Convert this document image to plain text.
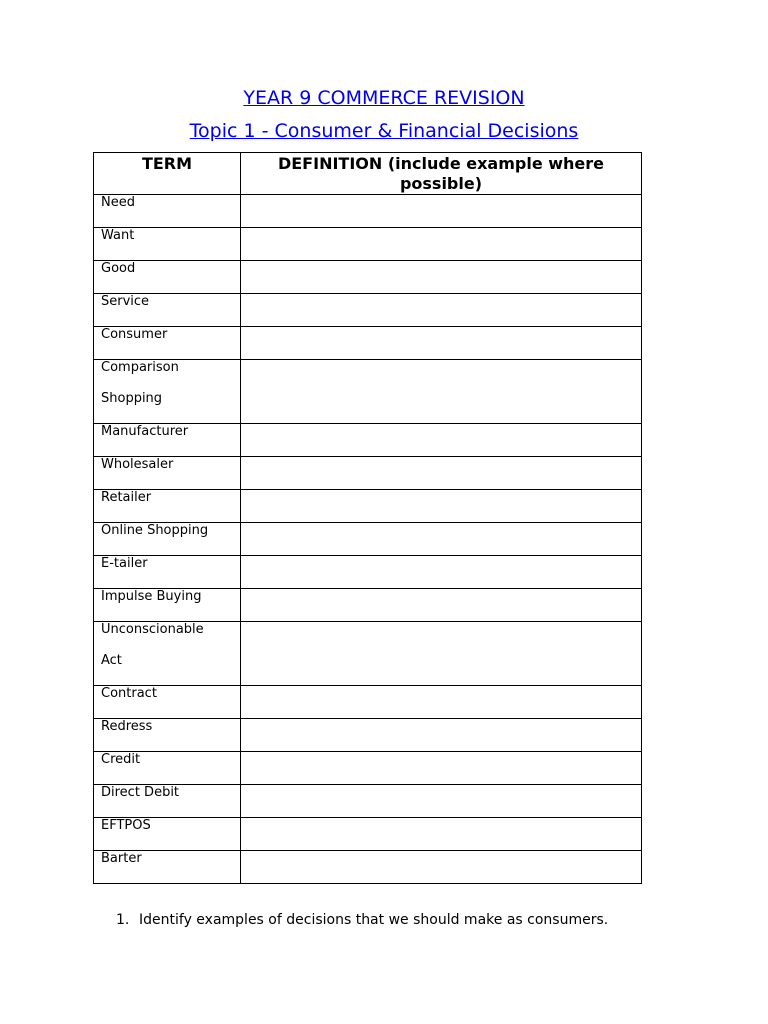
YEAR 9 COMMERCE REVISION
Topic 1 - Consumer & Financial Decisions
TERM	DEFINITION (include example where possible)

Need	

Want	

Good	

Service	

Consumer	

Comparison
Shopping	

Manufacturer	

Wholesaler	

Retailer	

Online Shopping	

E-tailer	

Impulse Buying	

Unconscionable
Act	

Contract	

Redress	

Credit	

Direct Debit	

EFTPOS	

Barter	

1. Identify examples of decisions that we should make as consumers.
